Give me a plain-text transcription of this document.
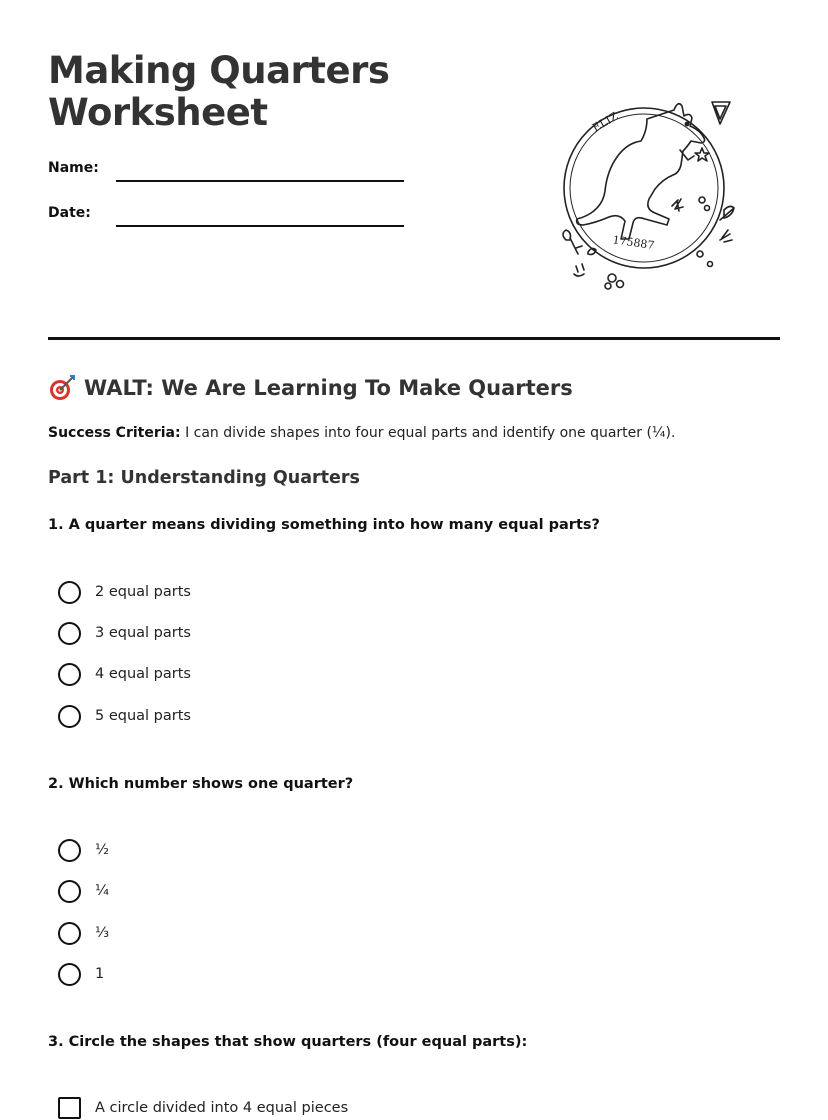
Making Quarters
Worksheet
Name:
Date:
ELIZ
175887
WALT: We Are Learning To Make Quarters

Success Criteria: I can divide shapes into four equal parts and identify one quarter (¼).

Part 1: Understanding Quarters

1. A quarter means dividing something into how many equal parts?

2 equal parts
3 equal parts
4 equal parts
5 equal parts

2. Which number shows one quarter?

½
¼
⅓
1

3. Circle the shapes that show quarters (four equal parts):

A circle divided into 4 equal pieces
